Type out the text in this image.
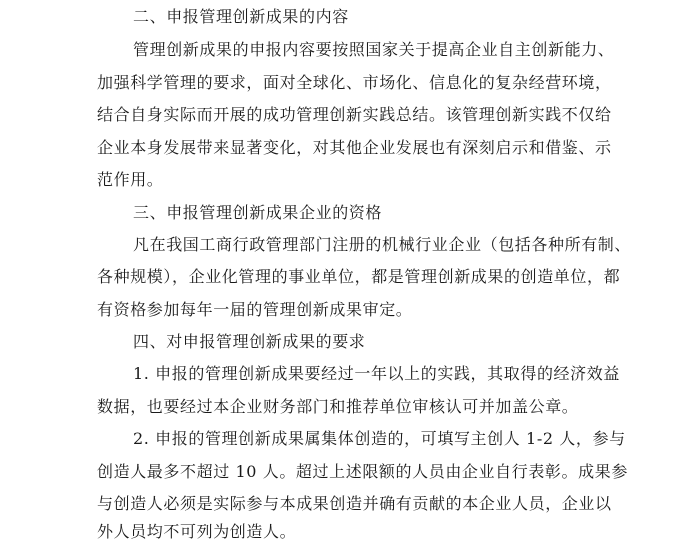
二、申报管理创新成果的内容
管理创新成果的申报内容要按照国家关于提高企业自主创新能力、
加强科学管理的要求，面对全球化、市场化、信息化的复杂经营环境，
结合自身实际而开展的成功管理创新实践总结。该管理创新实践不仅给
企业本身发展带来显著变化，对其他企业发展也有深刻启示和借鉴、示
范作用。
三、申报管理创新成果企业的资格
凡在我国工商行政管理部门注册的机械行业企业（包括各种所有制、
各种规模），企业化管理的事业单位，都是管理创新成果的创造单位，都
有资格参加每年一届的管理创新成果审定。
四、对申报管理创新成果的要求
1. 申报的管理创新成果要经过一年以上的实践，其取得的经济效益
数据，也要经过本企业财务部门和推荐单位审核认可并加盖公章。
2. 申报的管理创新成果属集体创造的，可填写主创人 1-2 人，参与
创造人最多不超过 10 人。超过上述限额的人员由企业自行表彰。成果参
与创造人必须是实际参与本成果创造并确有贡献的本企业人员，企业以
外人员均不可列为创造人。
